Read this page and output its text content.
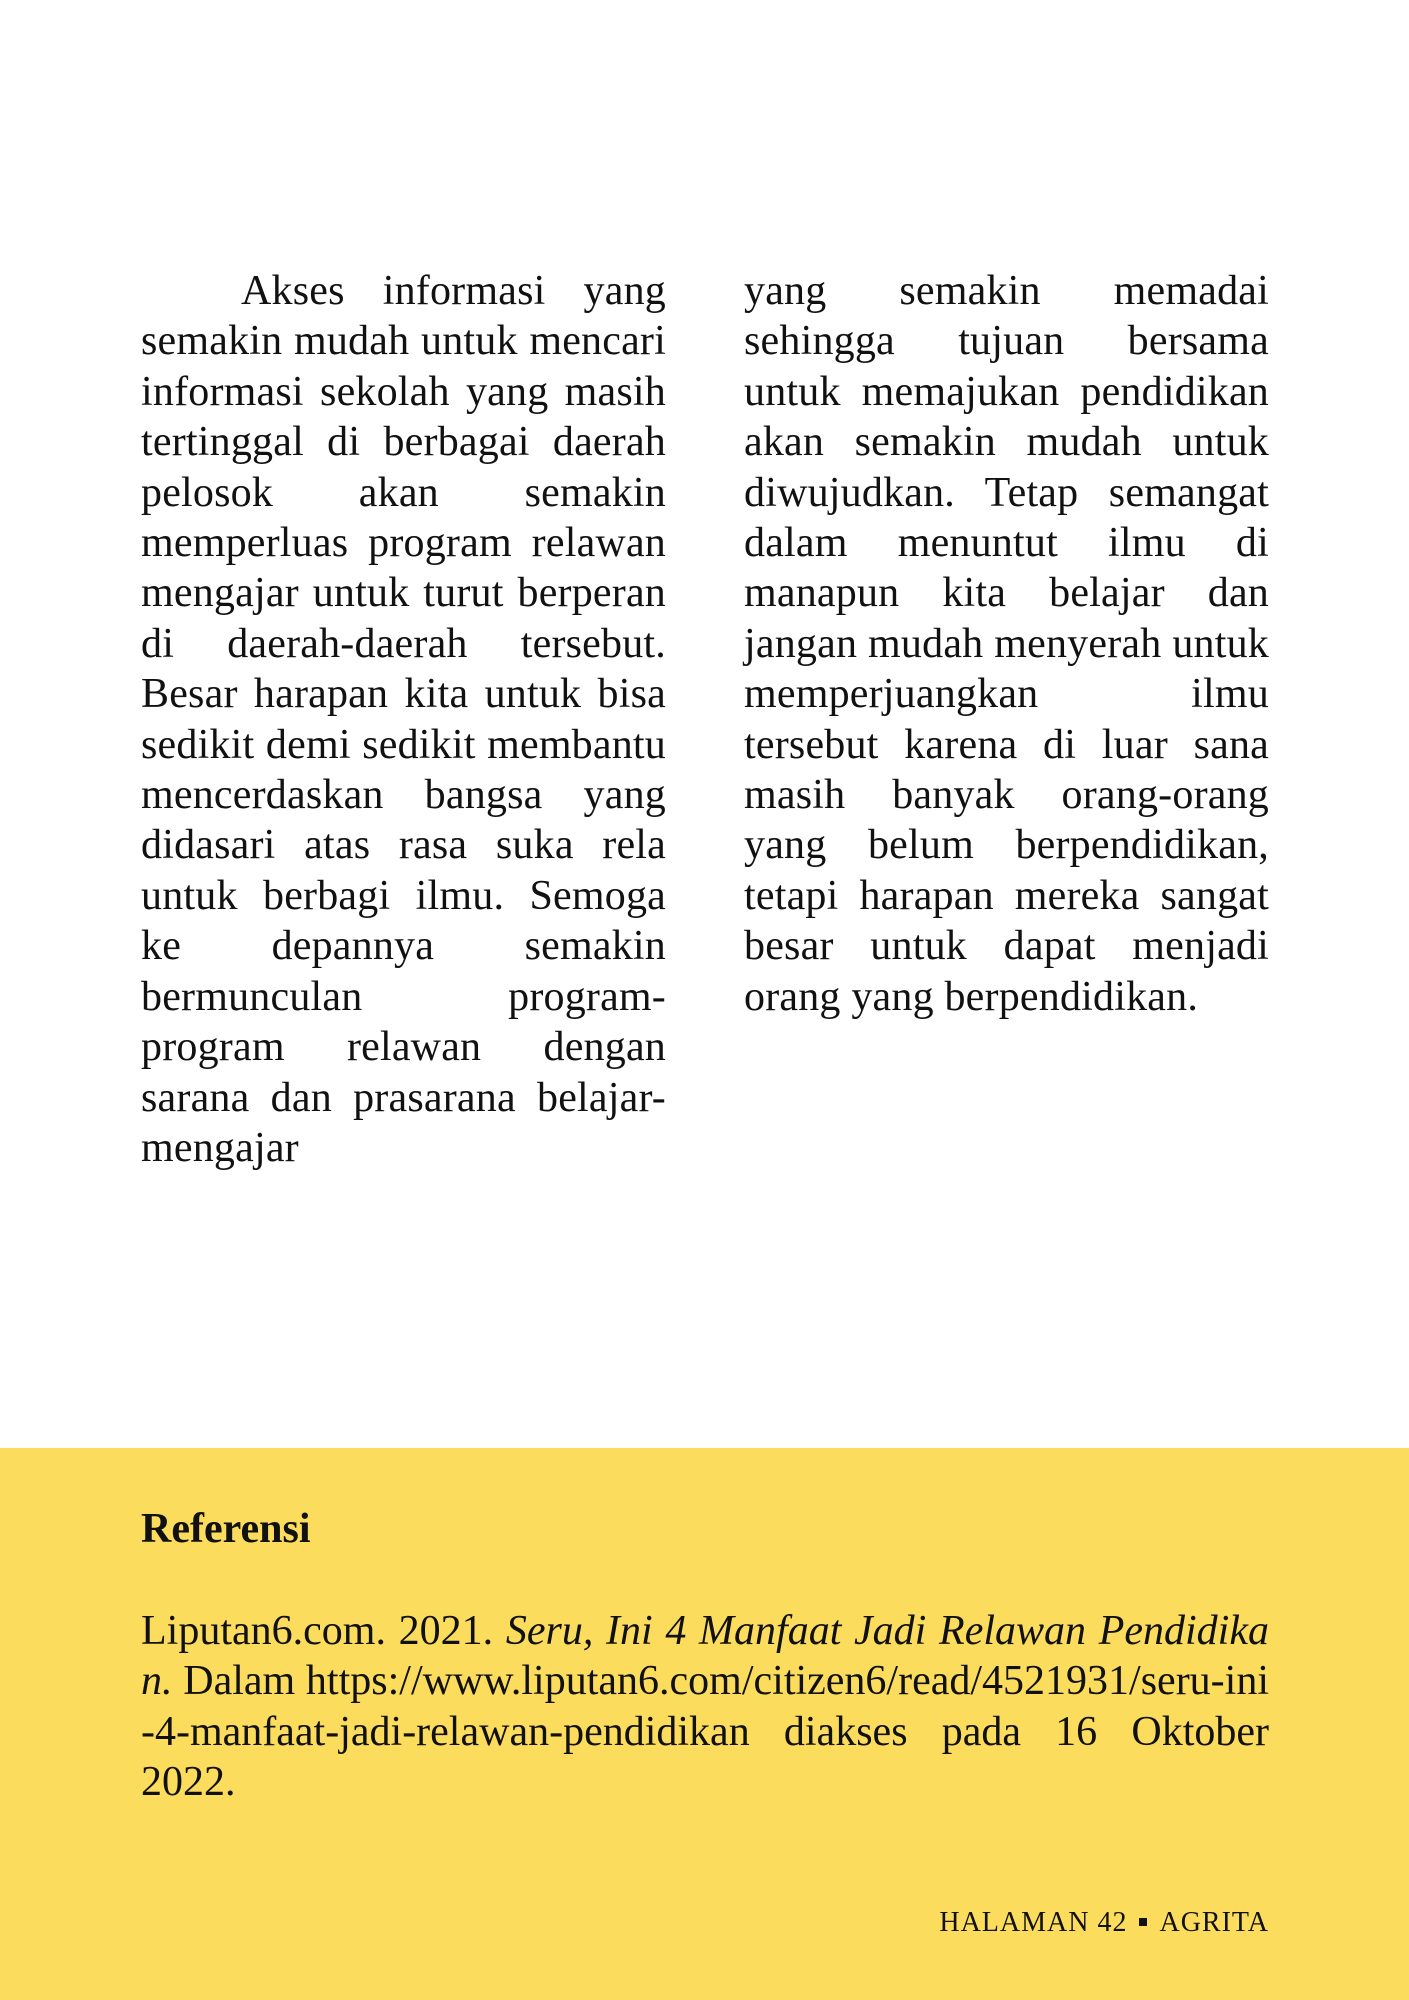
Akses informasi yang semakin mudah untuk mencari informasi sekolah yang masih tertinggal di berbagai daerah pelosok akan semakin memperluas program relawan mengajar untuk turut berperan di daerah-daerah tersebut. Besar harapan kita untuk bisa sedikit demi sedikit membantu mencerdaskan bangsa yang didasari atas rasa suka rela untuk berbagi ilmu. Semoga ke depannya semakin bermunculan program-program relawan dengan sarana dan prasarana belajar-mengajar

yang semakin memadai sehingga tujuan bersama untuk memajukan pendidikan akan semakin mudah untuk diwujudkan. Tetap semangat dalam menuntut ilmu di manapun kita belajar dan jangan mudah menyerah untuk memperjuangkan ilmu tersebut karena di luar sana masih banyak orang-orang yang belum berpendidikan, tetapi harapan mereka sangat besar untuk dapat menjadi orang yang berpendidikan.

Referensi

Liputan6.com. 2021. Seru, Ini 4 Manfaat Jadi Relawan Pendidikan. Dalam https://www.liputan6.com/citizen6/read/4521931/seru-ini-4-manfaat-jadi-relawan-pendidikan diakses pada 16 Oktober 2022.

HALAMAN 42 AGRITA
